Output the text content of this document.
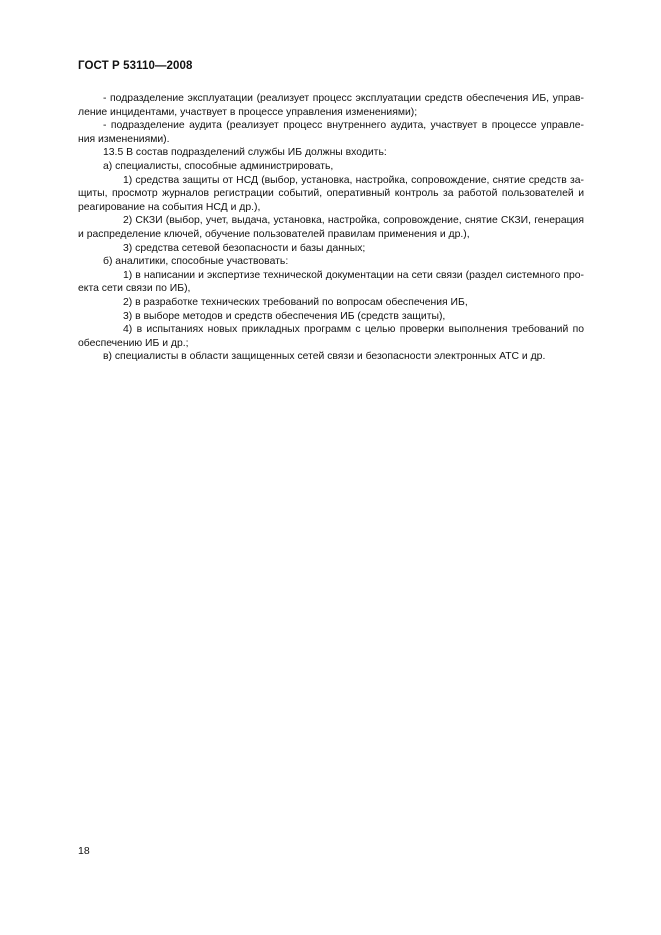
ГОСТ Р 53110—2008
- подразделение эксплуатации (реализует процесс эксплуатации средств обеспечения ИБ, управ-
ление инцидентами, участвует в процессе управления изменениями);
- подразделение аудита (реализует процесс внутреннего аудита, участвует в процессе управле-
ния изменениями).
13.5 В состав подразделений службы ИБ должны входить:
а) специалисты, способные администрировать,
1) средства защиты от НСД (выбор, установка, настройка, сопровождение, снятие средств за-
щиты, просмотр журналов регистрации событий, оперативный контроль за работой пользователей и
реагирование на события НСД и др.),
2) СКЗИ (выбор, учет, выдача, установка, настройка, сопровождение, снятие СКЗИ, генерация
и распределение ключей, обучение пользователей правилам применения и др.),
3) средства сетевой безопасности и базы данных;
б) аналитики, способные участвовать:
1) в написании и экспертизе технической документации на сети связи (раздел системного про-
екта сети связи по ИБ),
2) в разработке технических требований по вопросам обеспечения ИБ,
3) в выборе методов и средств обеспечения ИБ (средств защиты),
4) в испытаниях новых прикладных программ с целью проверки выполнения требований по
обеспечению ИБ и др.;
в) специалисты в области защищенных сетей связи и безопасности электронных АТС и др.
18
